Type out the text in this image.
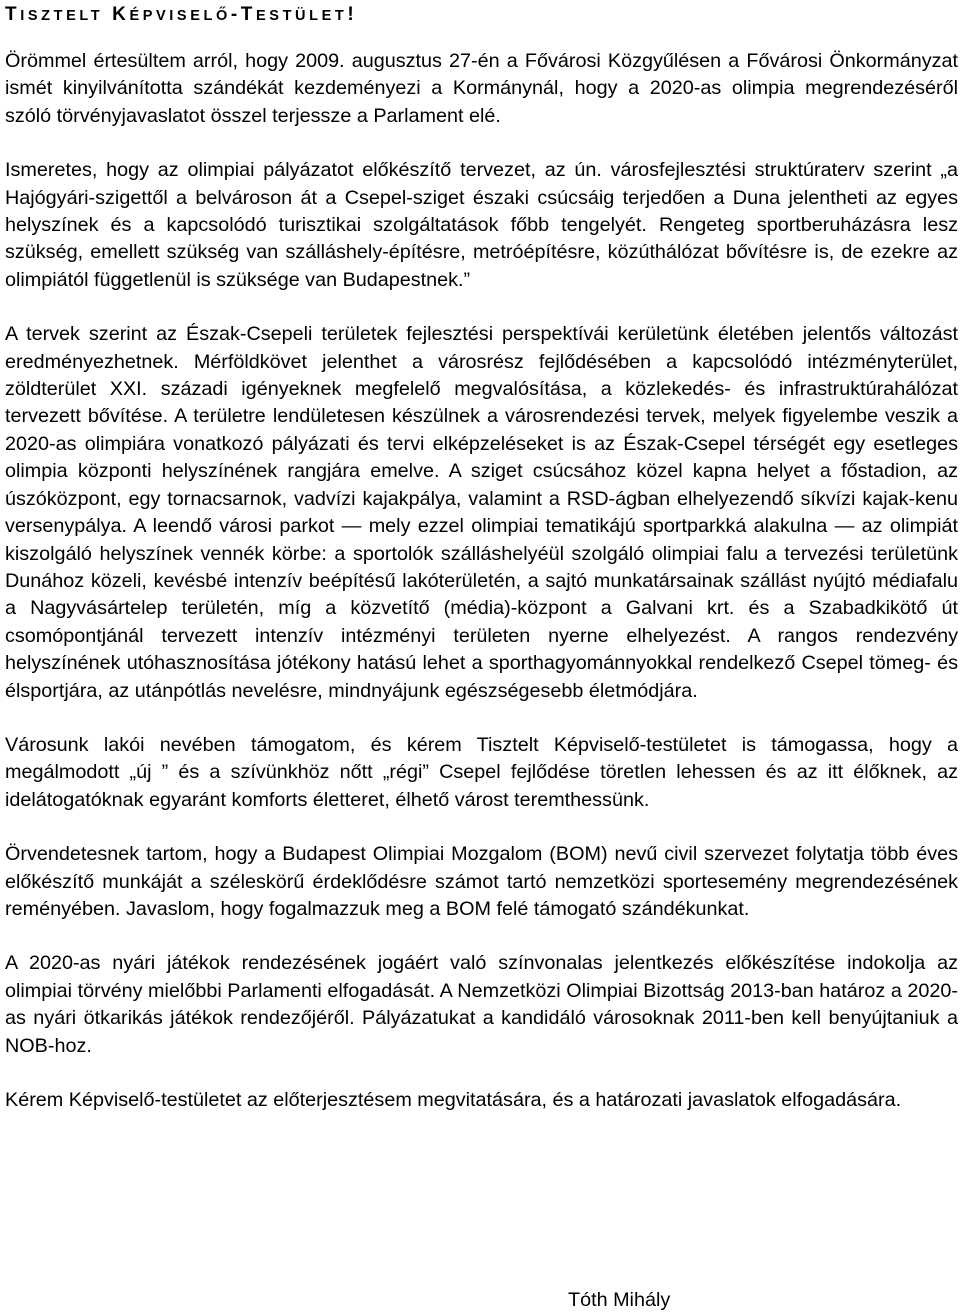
TISZTELT KÉPVISELŐ-TESTÜLET!

Örömmel értesültem arról, hogy 2009. augusztus 27-én a Fővárosi Közgyűlésen a Fővárosi Önkormányzat ismét kinyilvánította szándékát kezdeményezi a Kormánynál, hogy a 2020-as olimpia megrendezéséről szóló törvényjavaslatot összel terjessze a Parlament elé.

Ismeretes, hogy az olimpiai pályázatot előkészítő tervezet, az ún. városfejlesztési struktúraterv szerint „a Hajógyári-szigettől a belvároson át a Csepel-sziget északi csúcsáig terjedően a Duna jelentheti az egyes helyszínek és a kapcsolódó turisztikai szolgáltatások főbb tengelyét. Rengeteg sportberuházásra lesz szükség, emellett szükség van szálláshely-építésre, metróépítésre, közúthálózat bővítésre is, de ezekre az olimpiától függetlenül is szüksége van Budapestnek.”

A tervek szerint az Észak-Csepeli területek fejlesztési perspektívái kerületünk életében jelentős változást eredményezhetnek. Mérföldkövet jelenthet a városrész fejlődésében a kapcsolódó intézményterület, zöldterület XXI. századi igényeknek megfelelő megvalósítása, a közlekedés- és infrastruktúrahálózat tervezett bővítése. A területre lendületesen készülnek a városrendezési tervek, melyek figyelembe veszik a 2020-as olimpiára vonatkozó pályázati és tervi elképzeléseket is az Észak-Csepel térségét egy esetleges olimpia központi helyszínének rangjára emelve. A sziget csúcsához közel kapna helyet a főstadion, az úszóközpont, egy tornacsarnok, vadvízi kajakpálya, valamint a RSD-ágban elhelyezendő síkvízi kajak-kenu versenypálya. A leendő városi parkot — mely ezzel olimpiai tematikájú sportparkká alakulna — az olimpiát kiszolgáló helyszínek vennék körbe: a sportolók szálláshelyéül szolgáló olimpiai falu a tervezési területünk Dunához közeli, kevésbé intenzív beépítésű lakóterületén, a sajtó munkatársainak szállást nyújtó médiafalu a Nagyvásártelep területén, míg a közvetítő (média)-központ a Galvani krt. és a Szabadkikötő út csomópontjánál tervezett intenzív intézményi területen nyerne elhelyezést. A rangos rendezvény helyszínének utóhasznosítása jótékony hatású lehet a sporthagyománnyokkal rendelkező Csepel tömeg- és élsportjára, az utánpótlás nevelésre, mindnyájunk egészségesebb életmódjára.

Városunk lakói nevében támogatom, és kérem Tisztelt Képviselő-testületet is támogassa, hogy a megálmodott „új ” és a szívünkhöz nőtt „régi” Csepel fejlődése töretlen lehessen és az itt élőknek, az idelátogatóknak egyaránt komforts életteret, élhető várost teremthessünk.

Örvendetesnek tartom, hogy a Budapest Olimpiai Mozgalom (BOM) nevű civil szervezet folytatja több éves előkészítő munkáját a széleskörű érdeklődésre számot tartó nemzetközi sportesemény megrendezésének reményében. Javaslom, hogy fogalmazzuk meg a BOM felé támogató szándékunkat.

A 2020-as nyári játékok rendezésének jogáért való színvonalas jelentkezés előkészítése indokolja az olimpiai törvény mielőbbi Parlamenti elfogadását. A Nemzetközi Olimpiai Bizottság 2013-ban határoz a 2020-as nyári ötkarikás játékok rendezőjéről. Pályázatukat a kandidáló városoknak 2011-ben kell benyújtaniuk a NOB-hoz.

Kérem Képviselő-testületet az előterjesztésem megvitatására, és a határozati javaslatok elfogadására.

Tóth Mihály
